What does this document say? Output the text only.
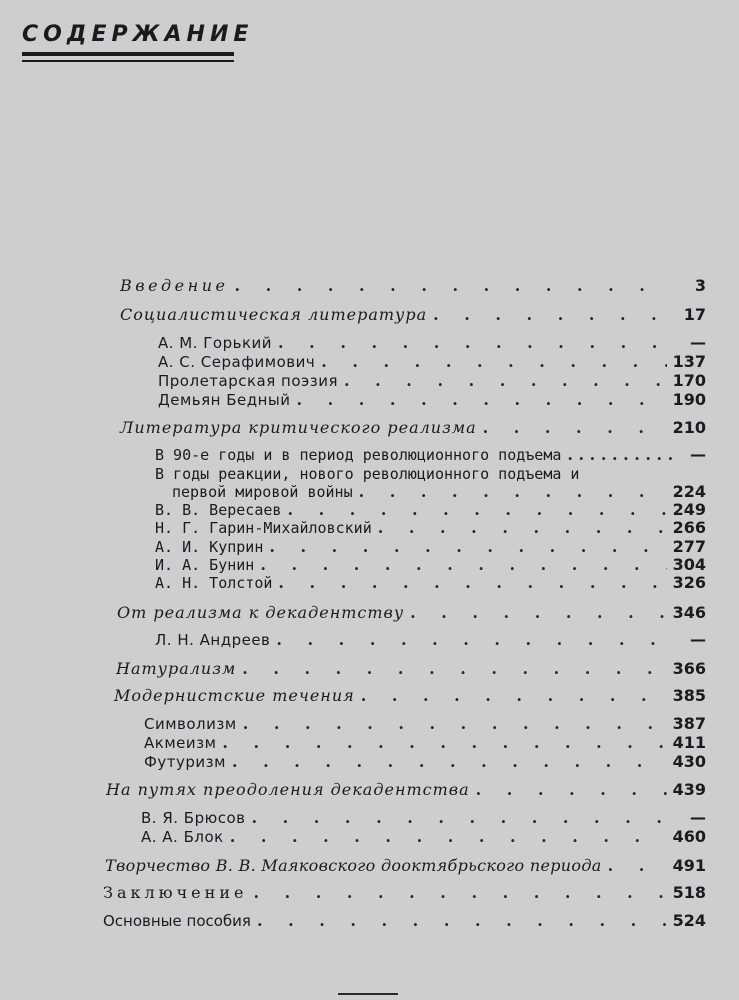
СОДЕРЖАНИЕ
Введение . . .	3
Социалистическая литература . . .	17
А. М. Горький . . .	—
А. С. Серафимович . . .	137
Пролетарская поэзия . . .	170
Демьян Бедный . . .	190
Литература критического реализма . . .	210
В 90-е годы и в период революционного подъема . . .	—
В годы реакции, нового революционного подъема и
первой мировой войны . . .	224
В. В. Вересаев . . .	249
Н. Г. Гарин-Михайловский . . .	266
А. И. Куприн . . .	277
И. А. Бунин . . .	304
А. Н. Толстой . . .	326
От реализма к декадентству . . .	346
Л. Н. Андреев . . .	—
Натурализм . . .	366
Модернистские течения . . .	385
Символизм . . .	387
Акмеизм . . .	411
Футуризм . . .	430
На путях преодоления декадентства . . .	439
В. Я. Брюсов . . .	—
А. А. Блок . . .	460
Творчество В. В. Маяковского дооктябрьского периода . . .	491
Заключение . . .	518
Основные пособия . . .	524
